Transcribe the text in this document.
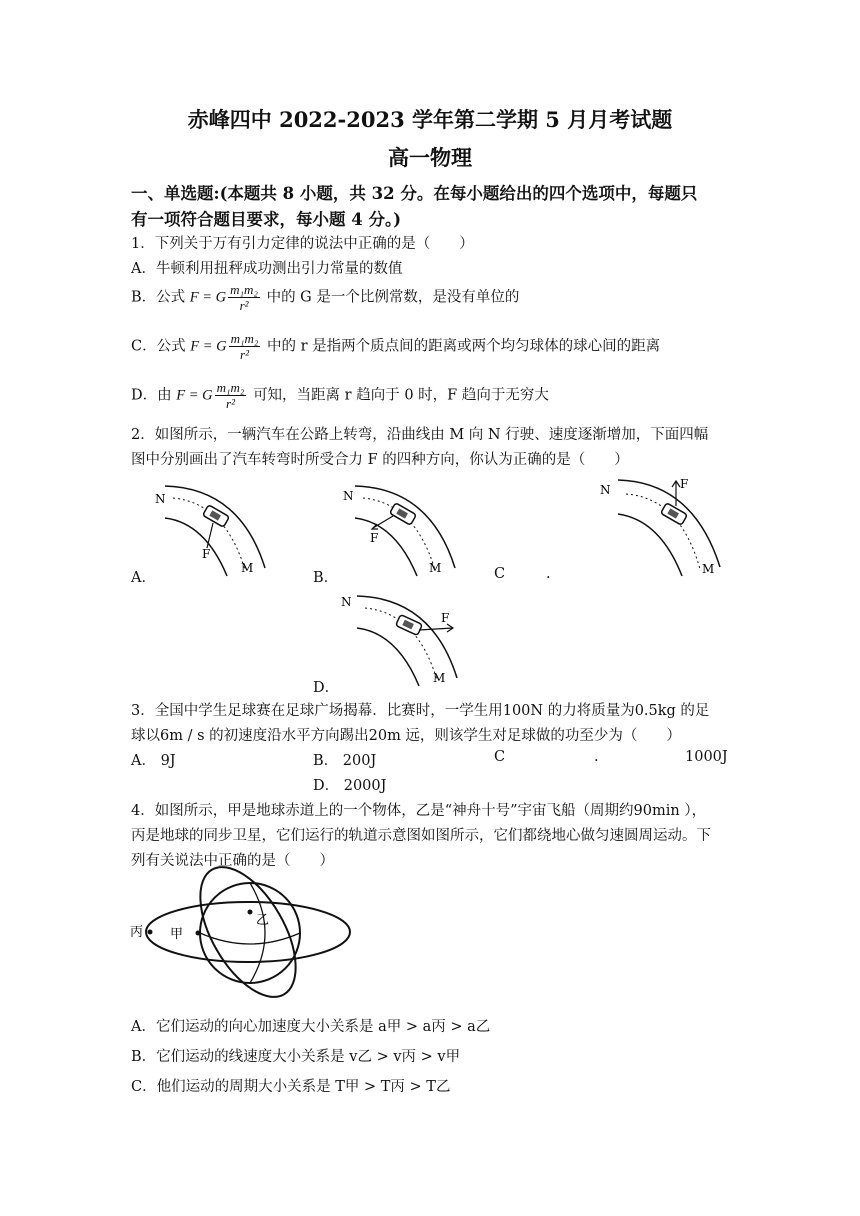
赤峰四中 2022-2023 学年第二学期 5 月月考试题
高一物理
一、单选题:(本题共 8 小题，共 32 分。在每小题给出的四个选项中，每题只
有一项符合题目要求，每小题 4 分。)
1．下列关于万有引力定律的说法中正确的是（　　）
A．牛顿利用扭秤成功测出引力常量的数值
B．公式 F = G $\frac{\text{m₁m₂}}{\text{r²}}$ 中的 G 是一个比例常数，是没有单位的
C．公式 F = G $\frac{\text{m₁m₂}}{\text{r²}}$ 中的 r 是指两个质点间的距离或两个均匀球体的球心间的距离
D．由 F = G $\frac{\text{m₁m₂}}{\text{r²}}$ 可知，当距离 r 趋向于 0 时，F 趋向于无穷大
2．如图所示，一辆汽车在公路上转弯，沿曲线由 M 向 N 行驶、速度逐渐增加，下面四幅
图中分别画出了汽车转弯时所受合力 F 的四种方向，你认为正确的是（　　）
N
F
M
A．
N
F
M
B．
N	F
M
C	.
N
F
M
D．
3．全国中学生足球赛在足球广场揭幕．比赛时，一学生用100N 的力将质量为0.5kg 的足
球以6m / s 的初速度沿水平方向踢出20m 远，则该学生对足球做的功至少为（　　）
A． 9J	B． 200J	C	.	1000J
D． 2000J
4．如图所示，甲是地球赤道上的一个物体，乙是“神舟十号”宇宙飞船（周期约90min ），
丙是地球的同步卫星，它们运行的轨道示意图如图所示，它们都绕地心做匀速圆周运动。下
列有关说法中正确的是（　　）
丙 甲
乙
A．它们运动的向心加速度大小关系是 a甲 > a丙 > a乙
B．它们运动的线速度大小关系是 v乙 > v丙 > v甲
C．他们运动的周期大小关系是 T甲 > T丙 > T乙
